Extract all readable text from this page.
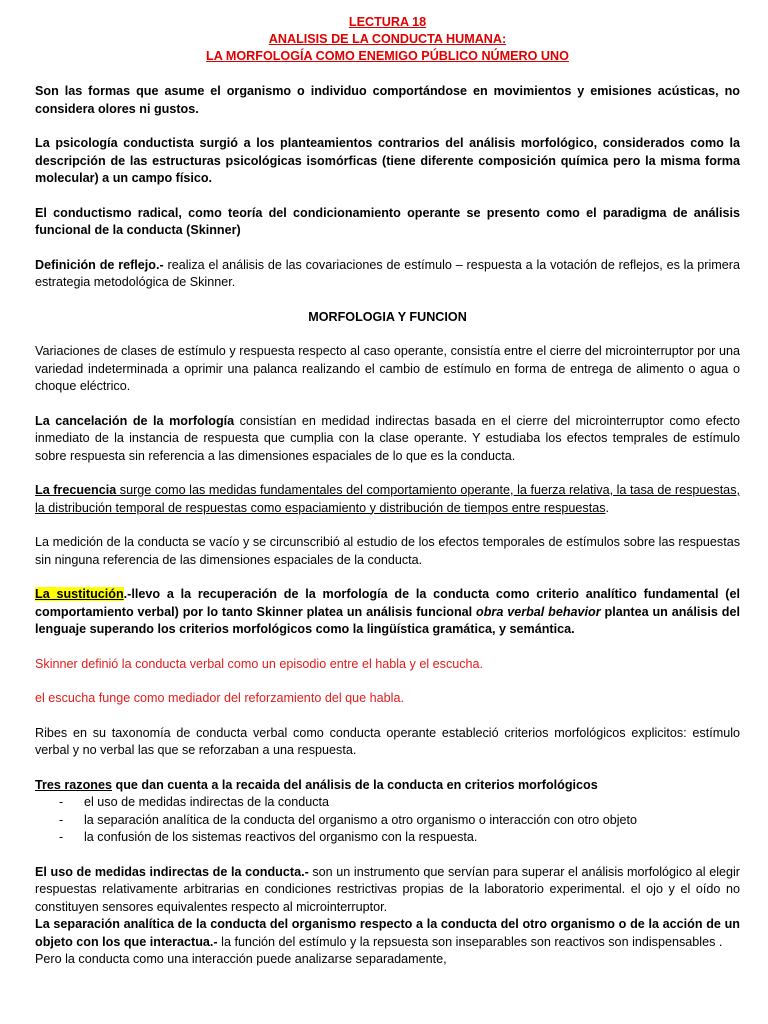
LECTURA 18
ANALISIS DE LA CONDUCTA HUMANA:
LA MORFOLOGÍA COMO ENEMIGO PÚBLICO NÚMERO UNO

Son las formas que asume el organismo o individuo comportándose en movimientos y emisiones acústicas, no considera olores ni gustos.

La psicología conductista surgió a los planteamientos contrarios del análisis morfológico, considerados como la descripción de las estructuras psicológicas isomórficas (tiene diferente composición química pero la misma forma molecular) a un campo físico.

El conductismo radical, como teoría del condicionamiento operante se presento como el paradigma de análisis funcional de la conducta (Skinner)

Definición de reflejo.- realiza el análisis de las covariaciones de estímulo – respuesta a la votación de reflejos, es la primera estrategia metodológica de Skinner.

MORFOLOGIA Y FUNCION

Variaciones de clases de estímulo y respuesta respecto al caso operante, consistía entre el cierre del microinterruptor por una variedad indeterminada a oprimir una palanca realizando el cambio de estímulo en forma de entrega de alimento o agua o choque eléctrico.

La cancelación de la morfología consistían en medidad indirectas basada en el cierre del microinterruptor como efecto inmediato de la instancia de respuesta que cumplia con la clase operante. Y estudiaba los efectos temprales de estímulo sobre respuesta sin referencia a las dimensiones espaciales de lo que es la conducta.

La frecuencia surge como las medidas fundamentales del comportamiento operante, la fuerza relativa, la tasa de respuestas, la distribución temporal de respuestas como espaciamiento y distribución de tiempos entre respuestas.

La medición de la conducta se vacío y se circunscribió al estudio de los efectos temporales de estímulos sobre las respuestas sin ninguna referencia de las dimensiones espaciales de la conducta.

La sustitución.-llevo a la recuperación de la morfología de la conducta como criterio analítico fundamental (el comportamiento verbal) por lo tanto Skinner platea un análisis funcional obra verbal behavior plantea un análisis del lenguaje superando los criterios morfológicos como la lingüística gramática, y semántica.

Skinner definió la conducta verbal como un episodio entre el habla y el escucha.

el escucha funge como mediador del reforzamiento del que habla.

Ribes en su taxonomía de conducta verbal como conducta operante estableció criterios morfológicos explicitos: estímulo verbal y no verbal las que se reforzaban a una respuesta.

Tres razones que dan cuenta a la recaida del análisis de la conducta en criterios morfológicos

- el uso de medidas indirectas de la conducta
- la separación analítica de la conducta del organismo a otro organismo o interacción con otro objeto
- la confusión de los sistemas reactivos del organismo con la respuesta.

El uso de medidas indirectas de la conducta.- son un instrumento que servían para superar el análisis morfológico al elegir respuestas relativamente arbitrarias en condiciones restrictivas propias de la laboratorio experimental. el ojo y el oído no constituyen sensores equivalentes respecto al microinterruptor.

La separación analítica de la conducta del organismo respecto a la conducta del otro organismo o de la acción de un objeto con los que interactua.- la función del estímulo y la repsuesta son inseparables son reactivos son indispensables .

Pero la conducta como una interacción puede analizarse separadamente,
